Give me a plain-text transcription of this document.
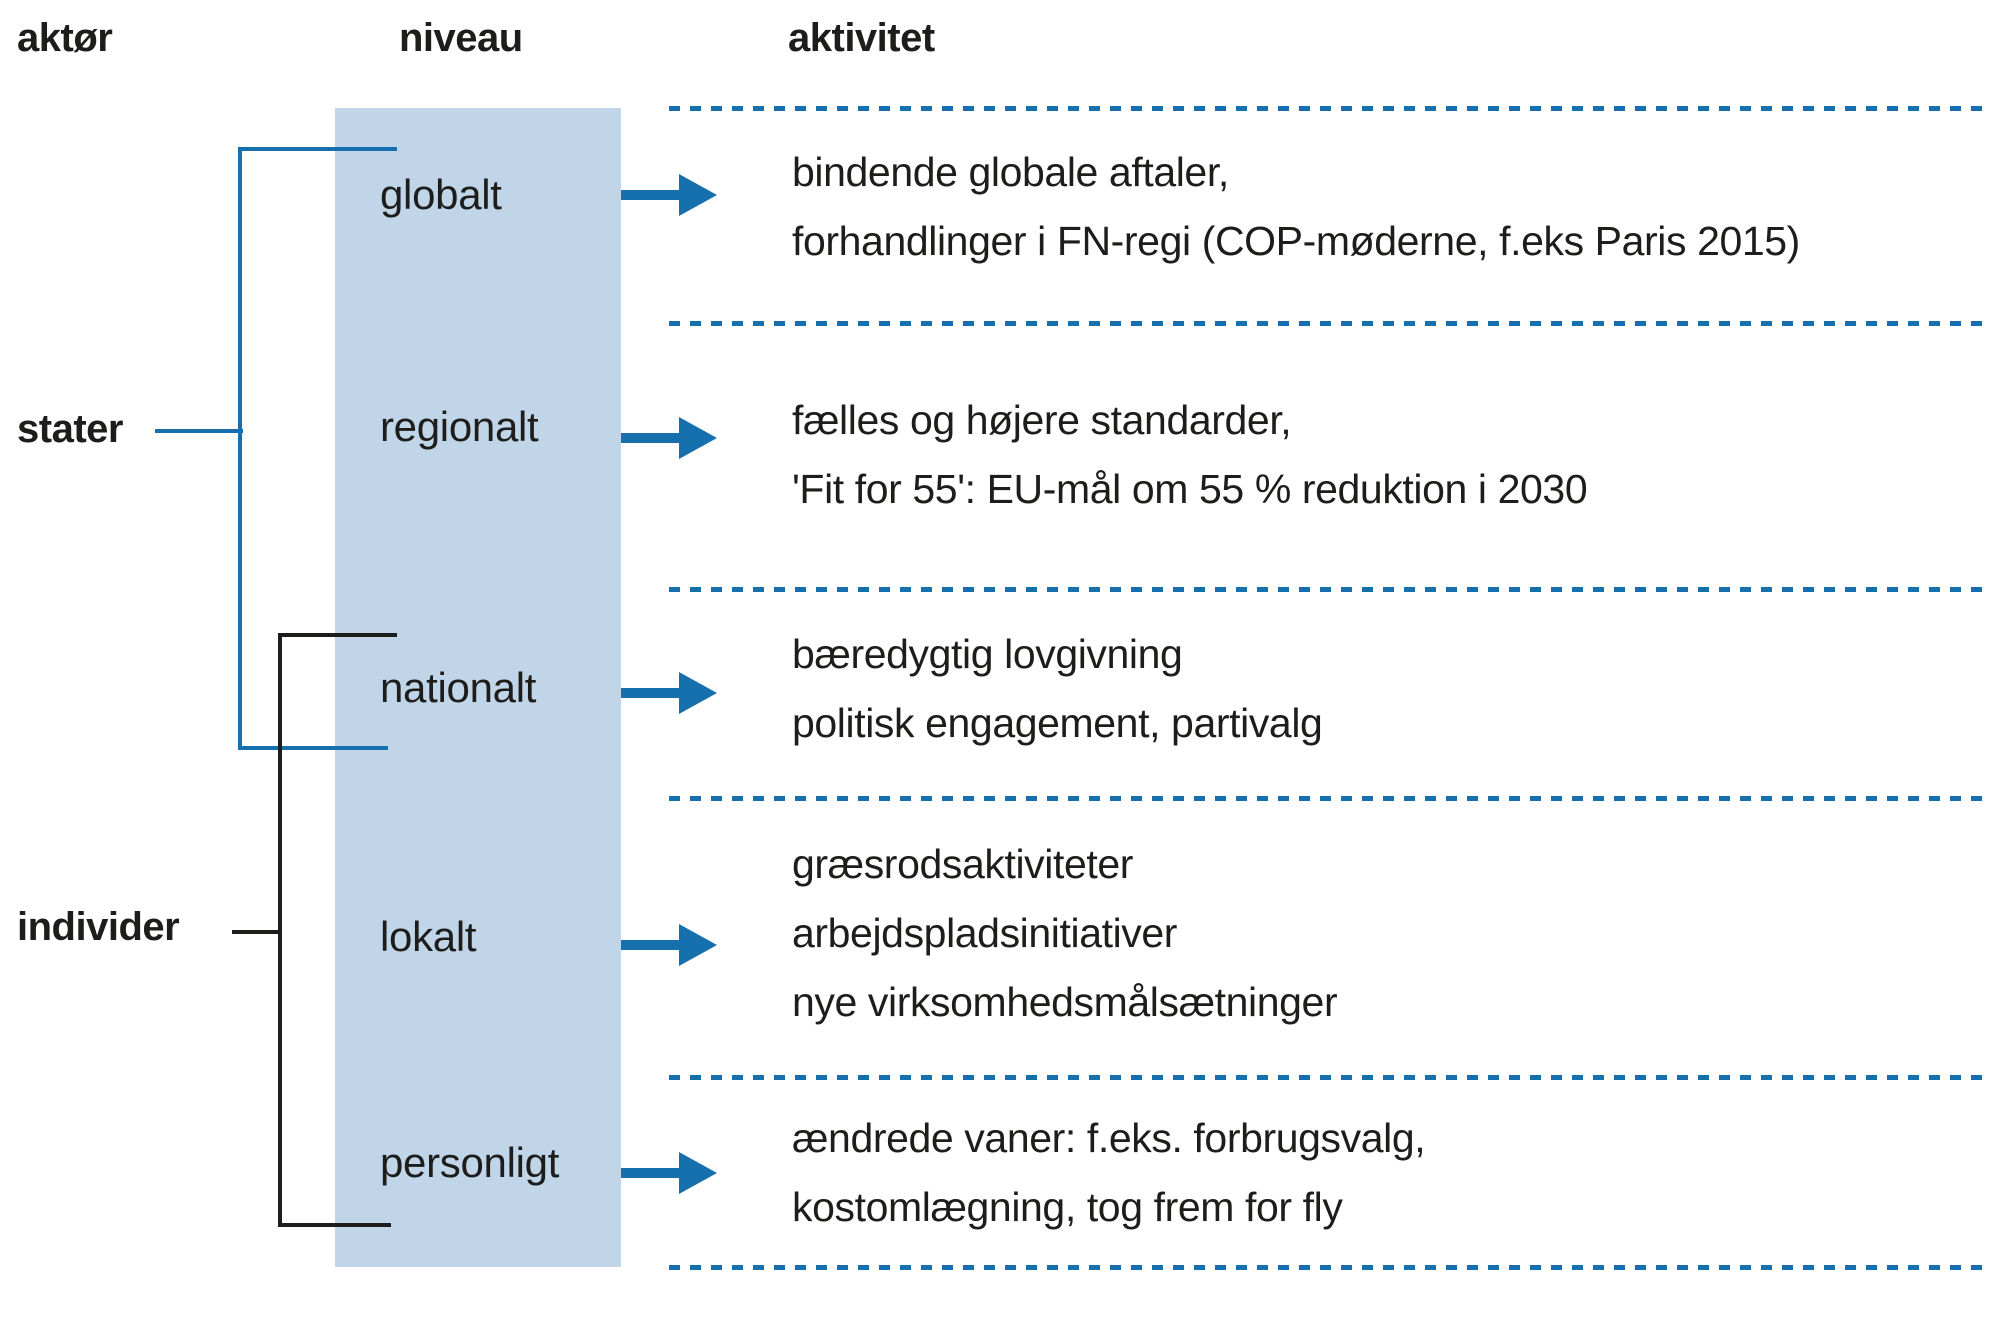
aktør	niveau	aktivitet
stater
individer
globalt
regionalt
nationalt
lokalt
personligt
bindende globale aftaler,
forhandlinger i FN-regi (COP-møderne, f.eks Paris 2015)
fælles og højere standarder,
'Fit for 55': EU-mål om 55 % reduktion i 2030
bæredygtig lovgivning
politisk engagement, partivalg
græsrodsaktiviteter
arbejdspladsinitiativer
nye virksomhedsmålsætninger
ændrede vaner: f.eks. forbrugsvalg,
kostomlægning, tog frem for fly
